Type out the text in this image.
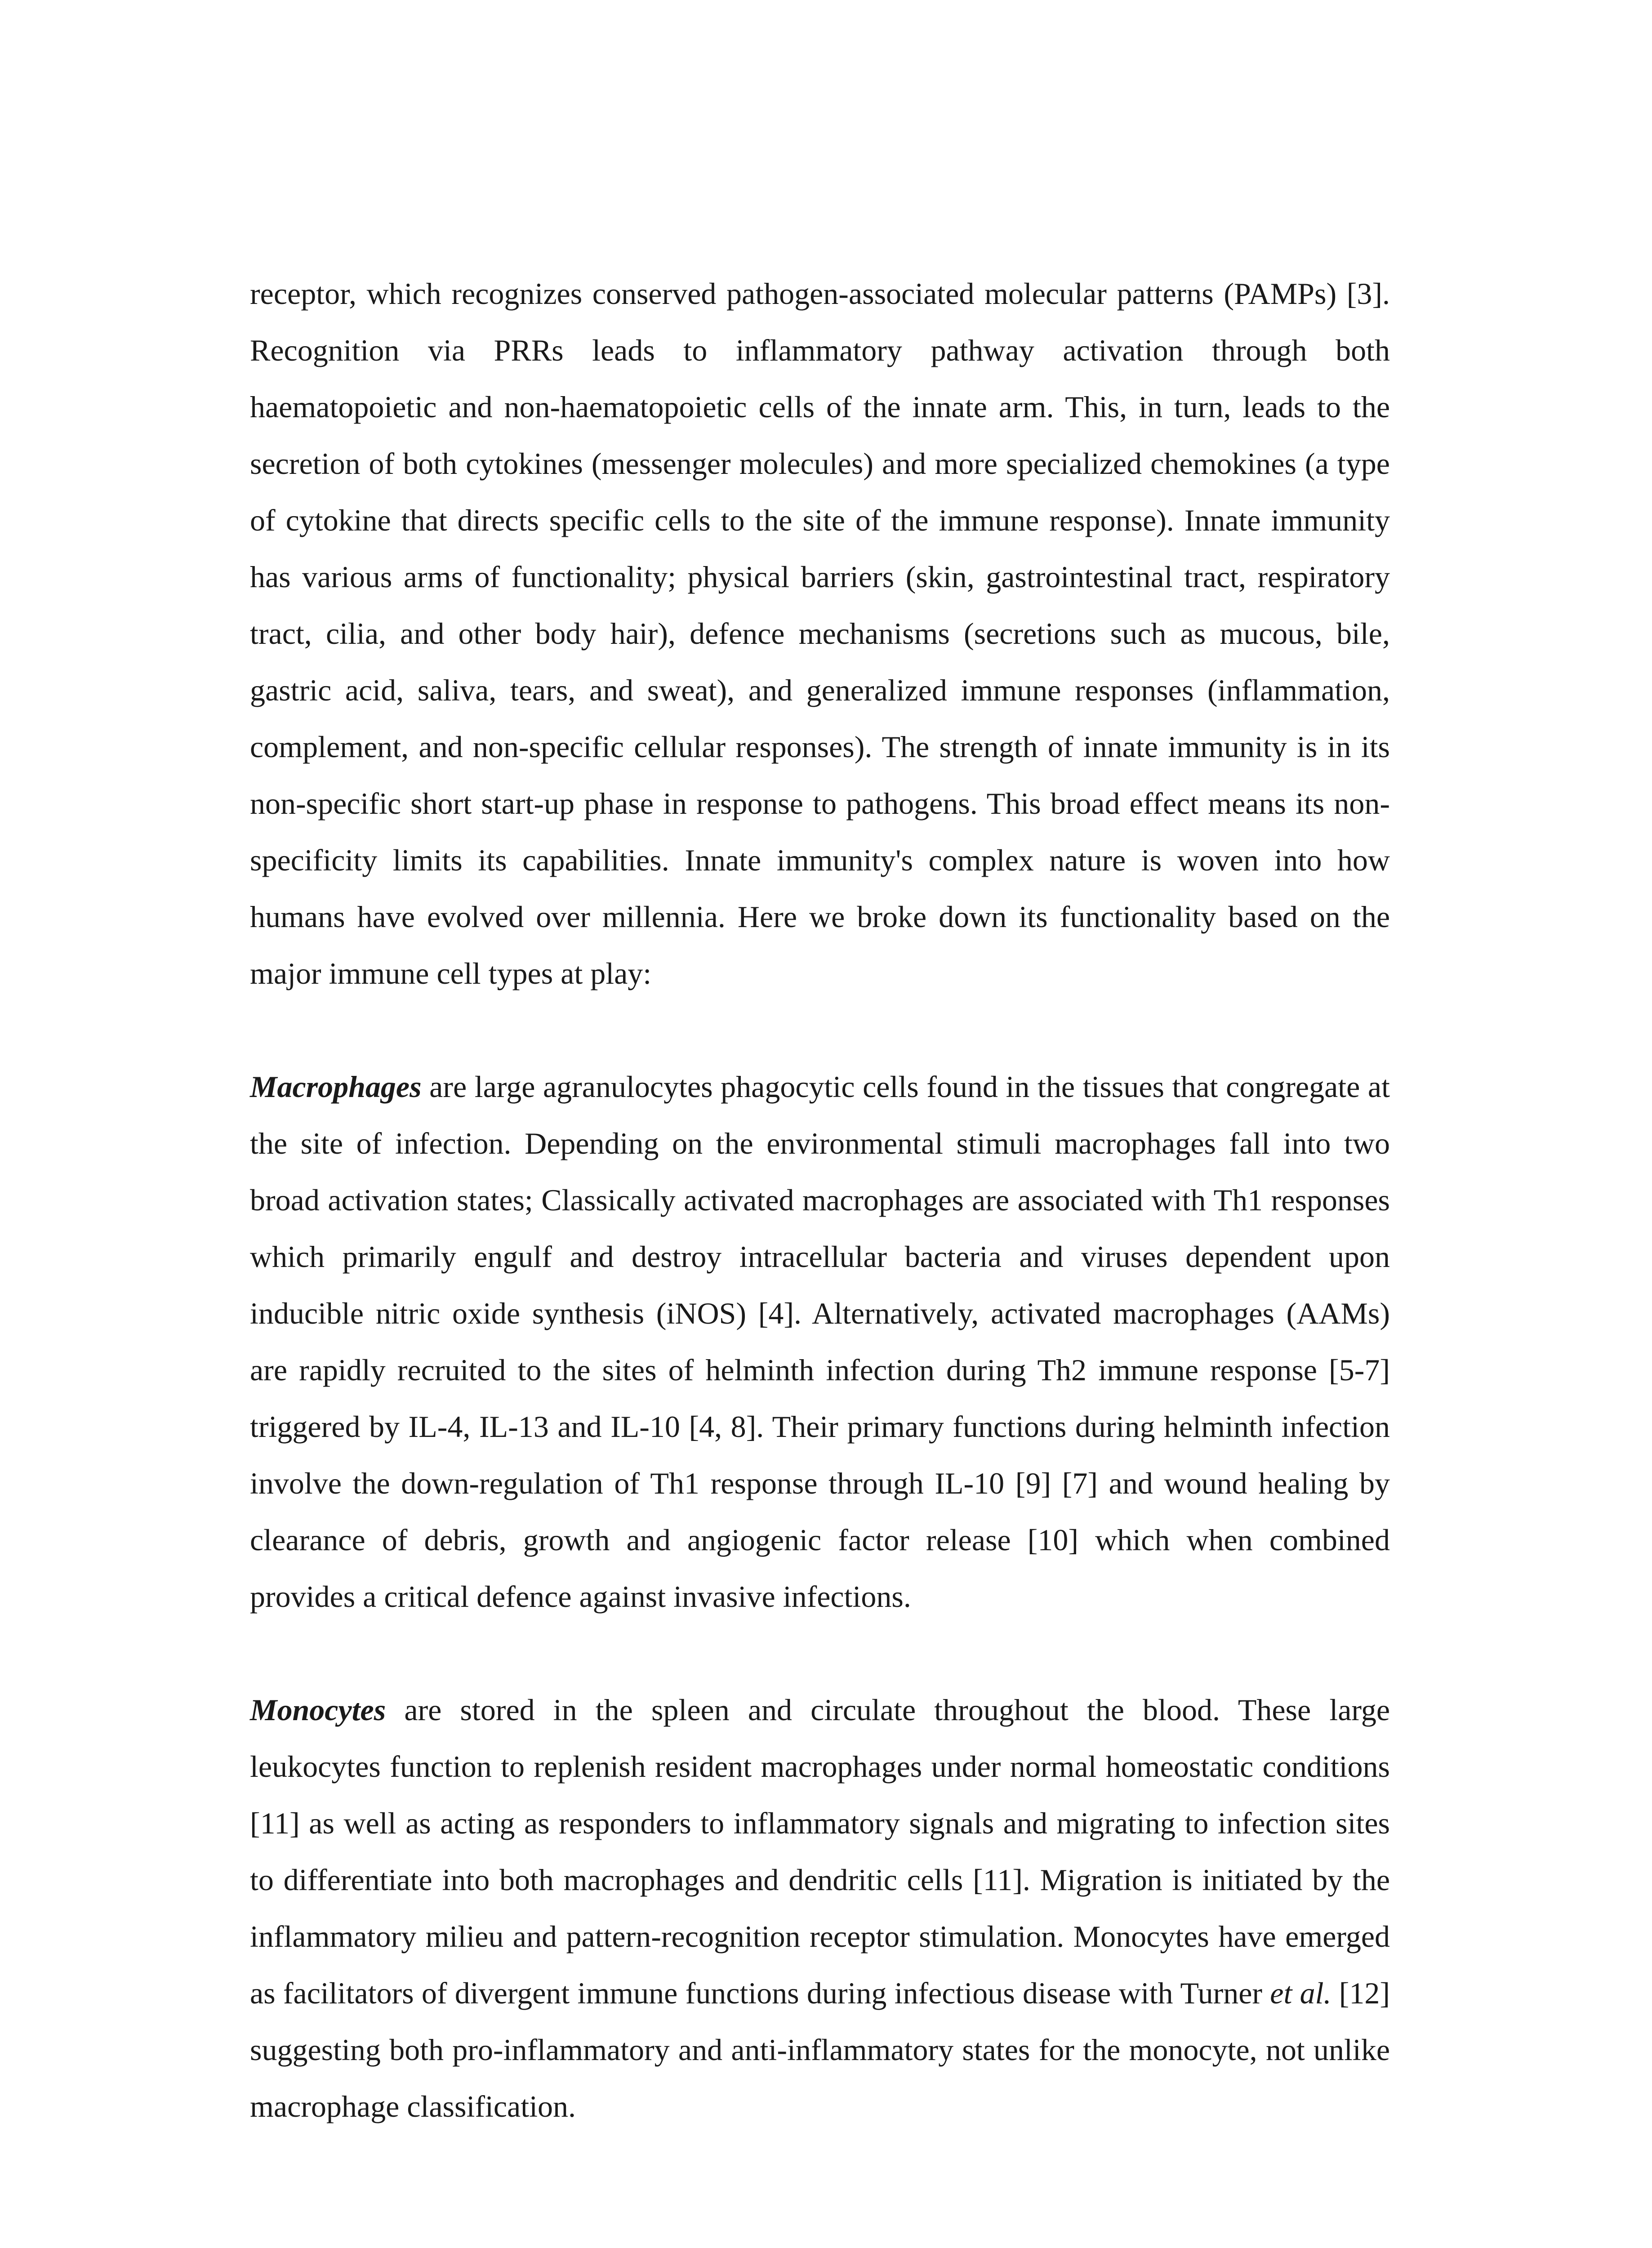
receptor, which recognizes conserved pathogen-associated molecular patterns (PAMPs) [3]. Recognition via PRRs leads to inflammatory pathway activation through both haematopoietic and non-haematopoietic cells of the innate arm. This, in turn, leads to the secretion of both cytokines (messenger molecules) and more specialized chemokines (a type of cytokine that directs specific cells to the site of the immune response). Innate immunity has various arms of functionality; physical barriers (skin, gastrointestinal tract, respiratory tract, cilia, and other body hair), defence mechanisms (secretions such as mucous, bile, gastric acid, saliva, tears, and sweat), and generalized immune responses (inflammation, complement, and non-specific cellular responses). The strength of innate immunity is in its non-specific short start-up phase in response to pathogens. This broad effect means its non-specificity limits its capabilities. Innate immunity's complex nature is woven into how humans have evolved over millennia. Here we broke down its functionality based on the major immune cell types at play:

Macrophages are large agranulocytes phagocytic cells found in the tissues that congregate at the site of infection. Depending on the environmental stimuli macrophages fall into two broad activation states; Classically activated macrophages are associated with Th1 responses which primarily engulf and destroy intracellular bacteria and viruses dependent upon inducible nitric oxide synthesis (iNOS) [4]. Alternatively, activated macrophages (AAMs) are rapidly recruited to the sites of helminth infection during Th2 immune response [5-7] triggered by IL-4, IL-13 and IL-10 [4, 8]. Their primary functions during helminth infection involve the down-regulation of Th1 response through IL-10 [9] [7] and wound healing by clearance of debris, growth and angiogenic factor release [10] which when combined provides a critical defence against invasive infections.

Monocytes are stored in the spleen and circulate throughout the blood. These large leukocytes function to replenish resident macrophages under normal homeostatic conditions [11] as well as acting as responders to inflammatory signals and migrating to infection sites to differentiate into both macrophages and dendritic cells [11]. Migration is initiated by the inflammatory milieu and pattern-recognition receptor stimulation. Monocytes have emerged as facilitators of divergent immune functions during infectious disease with Turner et al. [12] suggesting both pro-inflammatory and anti-inflammatory states for the monocyte, not unlike macrophage classification.
